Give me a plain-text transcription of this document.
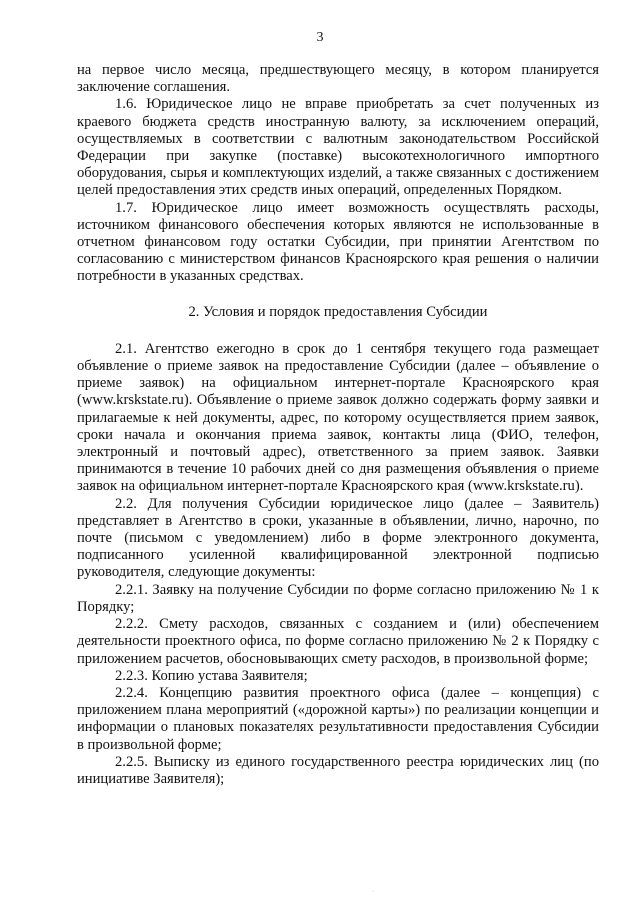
3

на первое число месяца, предшествующего месяцу, в котором планируется заключение соглашения.

1.6. Юридическое лицо не вправе приобретать за счет полученных из краевого бюджета средств иностранную валюту, за исключением операций, осуществляемых в соответствии с валютным законодательством Российской Федерации при закупке (поставке) высокотехнологичного импортного оборудования, сырья и комплектующих изделий, а также связанных с достижением целей предоставления этих средств иных операций, определенных Порядком.

1.7. Юридическое лицо имеет возможность осуществлять расходы, источником финансового обеспечения которых являются не использованные в отчетном финансовом году остатки Субсидии, при принятии Агентством по согласованию с министерством финансов Красноярского края решения о наличии потребности в указанных средствах.

2. Условия и порядок предоставления Субсидии

2.1. Агентство ежегодно в срок до 1 сентября текущего года размещает объявление о приеме заявок на предоставление Субсидии (далее – объявление о приеме заявок) на официальном интернет-портале Красноярского края (www.krskstate.ru). Объявление о приеме заявок должно содержать форму заявки и прилагаемые к ней документы, адрес, по которому осуществляется прием заявок, сроки начала и окончания приема заявок, контакты лица (ФИО, телефон, электронный и почтовый адрес), ответственного за прием заявок. Заявки принимаются в течение 10 рабочих дней со дня размещения объявления о приеме заявок на официальном интернет-портале Красноярского края (www.krskstate.ru).

2.2. Для получения Субсидии юридическое лицо (далее – Заявитель) представляет в Агентство в сроки, указанные в объявлении, лично, нарочно, по почте (письмом с уведомлением) либо в форме электронного документа, подписанного усиленной квалифицированной электронной подписью руководителя, следующие документы:

2.2.1. Заявку на получение Субсидии по форме согласно приложению № 1 к Порядку;

2.2.2. Смету расходов, связанных с созданием и (или) обеспечением деятельности проектного офиса, по форме согласно приложению № 2 к Порядку с приложением расчетов, обосновывающих смету расходов, в произвольной форме;

2.2.3. Копию устава Заявителя;

2.2.4. Концепцию развития проектного офиса (далее – концепция) с приложением плана мероприятий («дорожной карты») по реализации концепции и информации о плановых показателях результативности предоставления Субсидии в произвольной форме;

2.2.5. Выписку из единого государственного реестра юридических лиц (по инициативе Заявителя);

·
